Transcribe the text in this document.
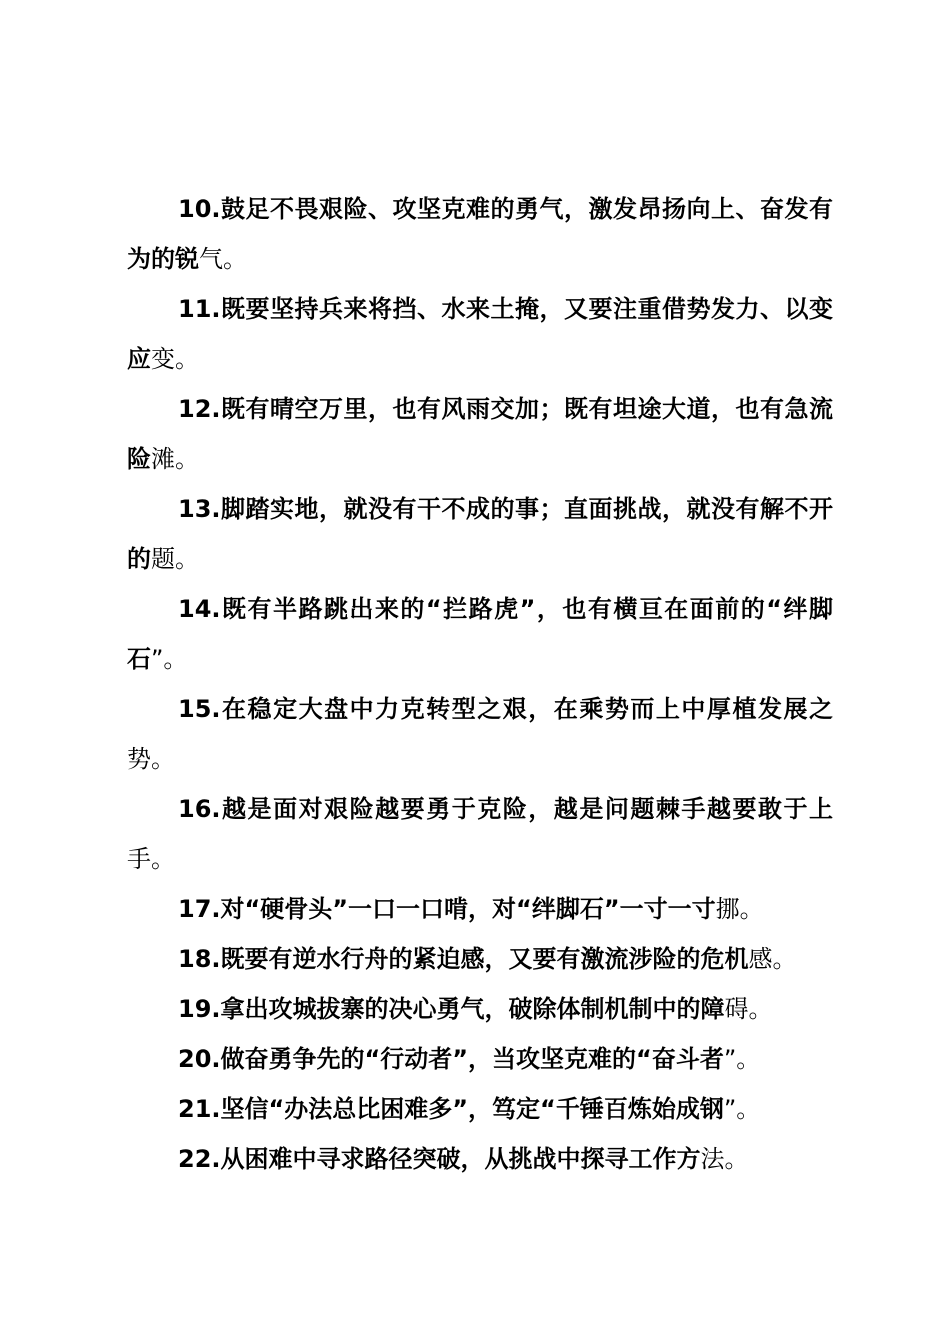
10.鼓足不畏艰险、攻坚克难的勇气，激发昂扬向上、奋发有为的锐气。

11.既要坚持兵来将挡、水来土掩，又要注重借势发力、以变应变。

12.既有晴空万里，也有风雨交加；既有坦途大道，也有急流险滩。

13.脚踏实地，就没有干不成的事；直面挑战，就没有解不开的题。

14.既有半路跳出来的“拦路虎”，也有横亘在面前的“绊脚石”。

15.在稳定大盘中力克转型之艰，在乘势而上中厚植发展之势。

16.越是面对艰险越要勇于克险，越是问题棘手越要敢于上手。

17.对“硬骨头”一口一口啃，对“绊脚石”一寸一寸挪。

18.既要有逆水行舟的紧迫感，又要有激流涉险的危机感。

19.拿出攻城拔寨的决心勇气，破除体制机制中的障碍。

20.做奋勇争先的“行动者”，当攻坚克难的“奋斗者”。

21.坚信“办法总比困难多”，笃定“千锤百炼始成钢”。

22.从困难中寻求路径突破，从挑战中探寻工作方法。
